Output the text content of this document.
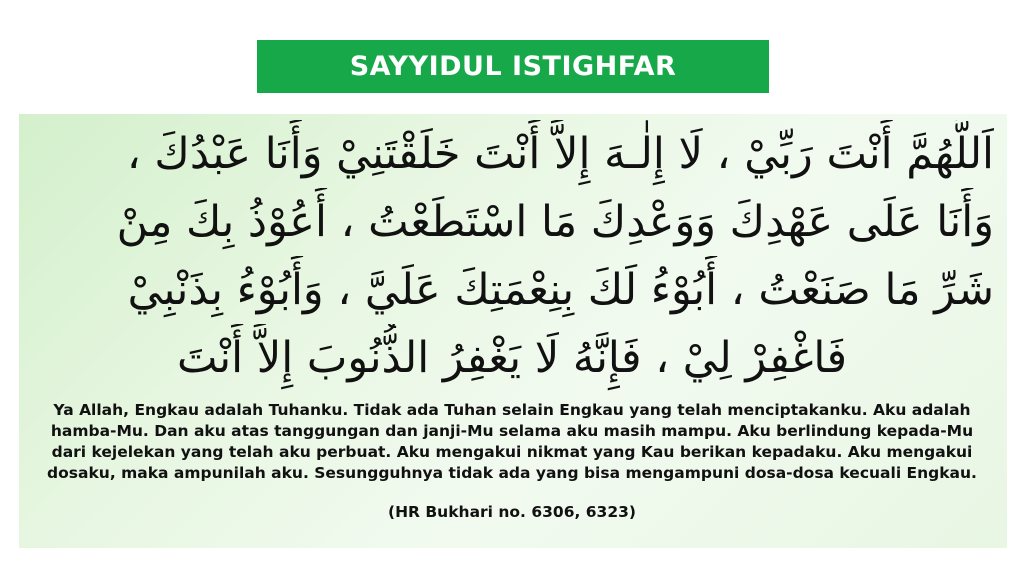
SAYYIDUL ISTIGHFAR
اَللَّهُمَّ أَنْتَ رَبِّيْ ، لَا إِلٰـهَ إِلاَّ أَنْتَ خَلَقْتَنِيْ وَأَنَا عَبْدُكَ ،
وَأَنَا عَلَى عَهْدِكَ وَوَعْدِكَ مَا اسْتَطَعْتُ ، أَعُوْذُ بِكَ مِنْ
شَرِّ مَا صَنَعْتُ ، أَبُوْءُ لَكَ بِنِعْمَتِكَ عَلَيَّ ، وَأَبُوْءُ بِذَنْبِيْ
فَاغْفِرْ لِيْ ، فَإِنَّهُ لَا يَغْفِرُ الذُّنُوبَ إِلاَّ أَنْتَ
Ya Allah, Engkau adalah Tuhanku. Tidak ada Tuhan selain Engkau yang telah menciptakanku. Aku adalah
hamba-Mu. Dan aku atas tanggungan dan janji-Mu selama aku masih mampu. Aku berlindung kepada-Mu
dari kejelekan yang telah aku perbuat. Aku mengakui nikmat yang Kau berikan kepadaku. Aku mengakui
dosaku, maka ampunilah aku. Sesungguhnya tidak ada yang bisa mengampuni dosa-dosa kecuali Engkau.
(HR Bukhari no. 6306, 6323)
